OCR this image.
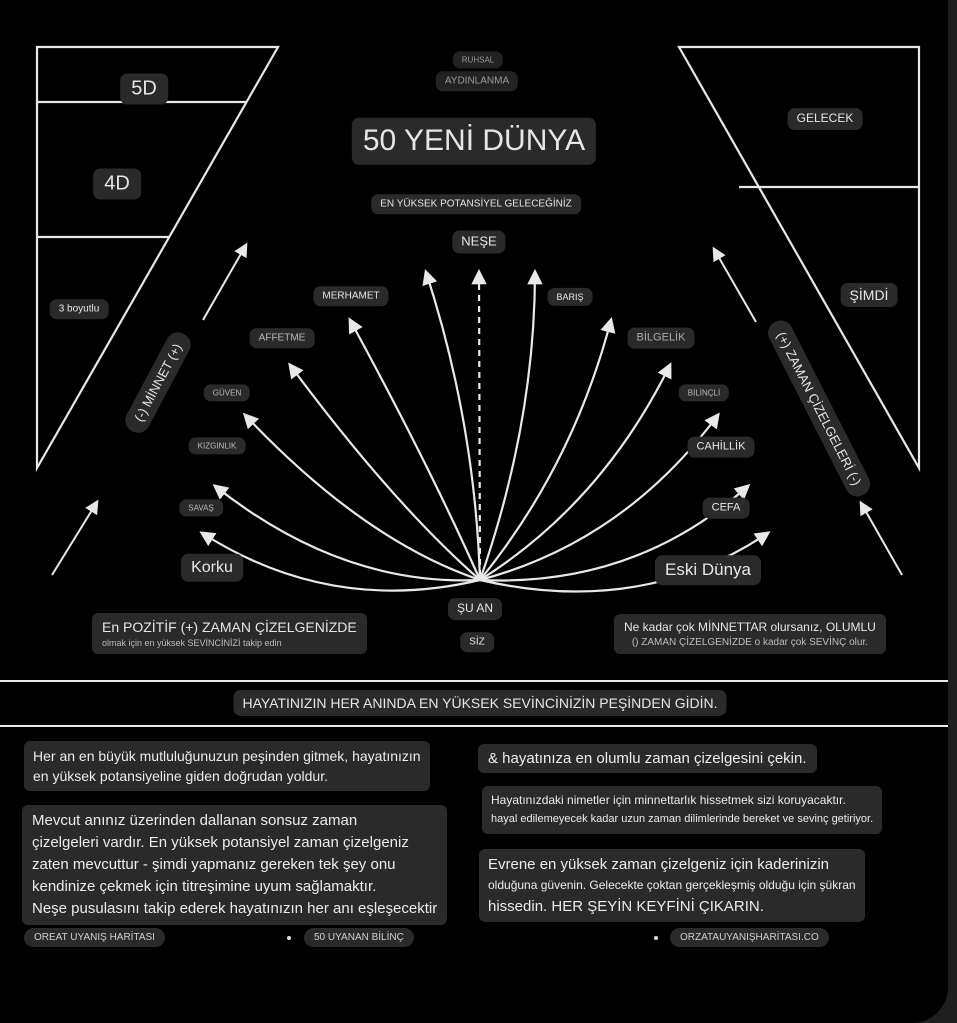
RUHSAL
AYDINLANMA
50 YENİ DÜNYA
EN YÜKSEK POTANSİYEL GELECEĞİNİZ
NEŞE
5D
4D
3 boyutlu
GELECEK
ŞİMDİ
MERHAMET
AFFETME
GÜVEN
KIZGINLIK
SAVAŞ
BARIŞ
BİLGELİK
BİLİNÇLİ
CAHİLLİK
CEFA
(-) MİNNET (+)	(+) ZAMAN ÇİZELGELERİ (-)
Korku	Eski Dünya
ŞU AN
SİZ
En POZİTİF (+) ZAMAN ÇİZELGENİZDE
olmak için en yüksek SEVİNCİNİZİ takip edin
Ne kadar çok MİNNETTAR olursanız, OLUMLU
() ZAMAN ÇİZELGENİZDE o kadar çok SEVİNÇ olur.
HAYATINIZIN HER ANINDA EN YÜKSEK SEVİNCİNİZİN PEŞİNDEN GİDİN.
Her an en büyük mutluluğunuzun peşinden gitmek, hayatınızın
en yüksek potansiyeline giden doğrudan yoldur.
Mevcut anınız üzerinden dallanan sonsuz zaman
çizelgeleri vardır. En yüksek potansiyel zaman çizelgeniz
zaten mevcuttur - şimdi yapmanız gereken tek şey onu
kendinize çekmek için titreşimine uyum sağlamaktır.
Neşe pusulasını takip ederek hayatınızın her anı eşleşecektir
& hayatınıza en olumlu zaman çizelgesini çekin.
Hayatınızdaki nimetler için minnettarlık hissetmek sizi koruyacaktır.
hayal edilemeyecek kadar uzun zaman dilimlerinde bereket ve sevinç getiriyor.
Evrene en yüksek zaman çizelgeniz için kaderinizin
olduğuna güvenin. Gelecekte çoktan gerçekleşmiş olduğu için şükran
hissedin. HER ŞEYİN KEYFİNİ ÇIKARIN.
OREAT UYANIŞ HARİTASI	50 UYANAN BİLİNÇ	ORZATAUYANIŞHARİTASI.CO
